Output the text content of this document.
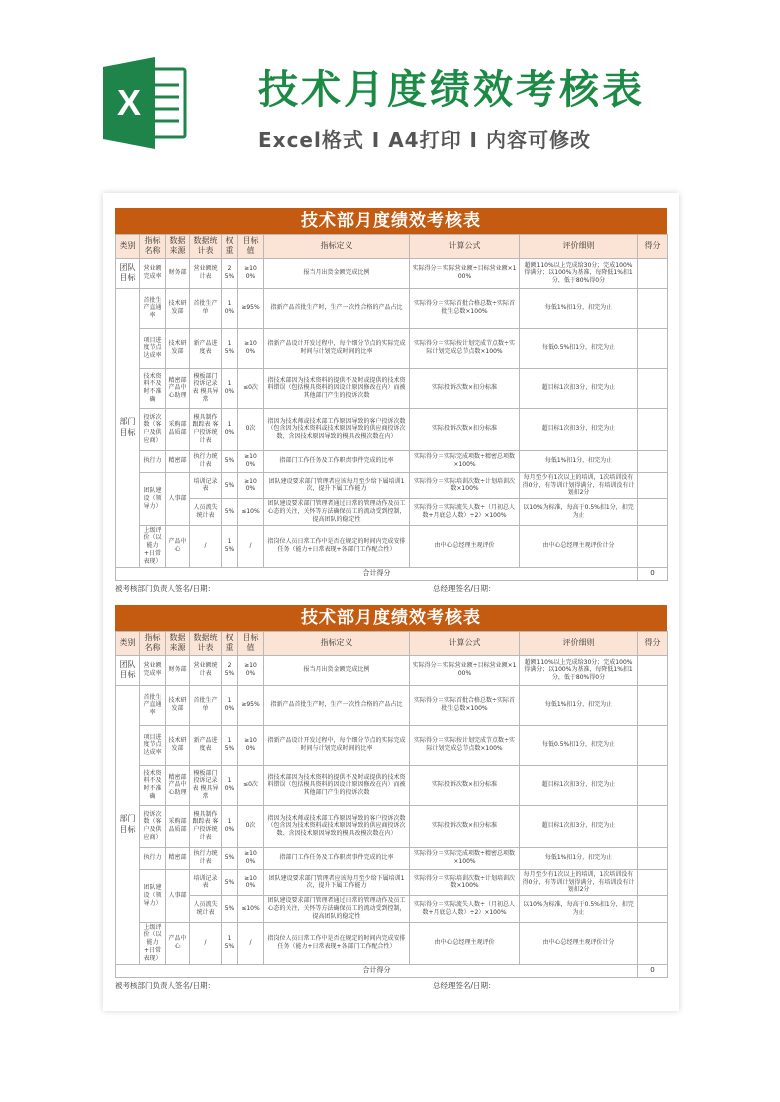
X	技术月度绩效考核表
Excel格式 I A4打印 I 内容可修改
技术部月度绩效考核表
类别	指标名称	数据来源	数据统计表	权重	目标值	指标定义	计算公式	评价细则	得分
团队目标	营业额完成率	财务部	营业额统计表	25%	≥100%	报当月出货金额完成比例	实际得分＝实际营业额÷目标营业额×100%	超额110%以上完成给30分；完成100%得满分；以100%为基准，每降低1%扣1分，低于80%得0分	
部门目标	首批生产直通率	技术研发部	首批生产单	10%	≥95%	指新产品首批生产时，生产一次性合格的产品占比	实际得分＝实际首批合格总数÷实际首批生总数×100%	每低1%扣1分，扣完为止	
	项目进度节点达成率	技术研发部	新产品进度表	15%	≥100%	指新产品设计开发过程中，每个细分节点的实际完成时间与计划完成时间的比率	实际得分＝实际按计划完成节点数÷实际计划完成总节点数×100%	每低0.5%扣1分，扣完为止	
	技术资料不及时不准确	精密部产品中心助理	模板部门投诉记录表 模具异常	10%	≤0次	指技术部因为技术资料的提供不及时或提供的技术资料错误（包括模具资料的因设计原因修改在内）而被其他部门产生的投诉次数	实际投诉次数×扣分标准	超目标1次扣3分，扣完为止	
	投诉次数（客户及供应商）	采购部品质部	模具制作跟踪表 客户投诉统计表	10%	0次	指因为技术师或技术部工作原因导致的客户投诉次数（包含因为技术资料或技术原因导致的供应商投诉次数、含因技术原因导致的模具改模次数在内）	实际投诉次数×扣分标准	超目标1次扣3分，扣完为止	
	执行力	精密部	执行力统计表	5%	≥100%	指部门工作任务及工作职责事件完成的比率	实际得分＝实际完成项数÷精密总项数×100%	每低1%扣1分，扣完为止	
	团队建设（领导力）	人事部	培训记录表	5%	≥100%	团队建设要求部门管理者应该每月至少给下属培训1次，提升下属工作能力	实际得分＝实际培训次数÷计划培训次数×100%	每月至少有1次以上的培训，1次培训没有得0分，有等训计划得满分，有培训没有计划扣2分	
			人员流失统计表	5%	≤10%	团队建设要求部门管理者通过日常的管理动作及员工心态的关注，关怀等方法确保员工的流动受到控制，提高团队的稳定性	实际得分＝实际流失人数÷（月初总人数+月底总人数）÷2）×100%	以10%为标准，每高于0.5%扣1分，扣完为止	
	上级评价（以能力+日常表现）	产品中心	/	15%	/	指岗位人员日常工作中是否在规定的时间内完成安排任务（能力+日常表现+各部门工作配合性）	由中心总经理主观评价	由中心总经理主观评价计分	
合计得分									0
被考核部门负责人签名/日期：	总经理签名/日期：
技术部月度绩效考核表
类别	指标名称	数据来源	数据统计表	权重	目标值	指标定义	计算公式	评价细则	得分
团队目标	营业额完成率	财务部	营业额统计表	25%	≥100%	报当月出货金额完成比例	实际得分＝实际营业额÷目标营业额×100%	超额110%以上完成给30分；完成100%得满分；以100%为基准，每降低1%扣1分，低于80%得0分	
部门目标	首批生产直通率	技术研发部	首批生产单	10%	≥95%	指新产品首批生产时，生产一次性合格的产品占比	实际得分＝实际首批合格总数÷实际首批生总数×100%	每低1%扣1分，扣完为止	
	项目进度节点达成率	技术研发部	新产品进度表	15%	≥100%	指新产品设计开发过程中，每个细分节点的实际完成时间与计划完成时间的比率	实际得分＝实际按计划完成节点数÷实际计划完成总节点数×100%	每低0.5%扣1分，扣完为止	
	技术资料不及时不准确	精密部产品中心助理	模板部门投诉记录表 模具异常	10%	≤0次	指技术部因为技术资料的提供不及时或提供的技术资料错误（包括模具资料的因设计原因修改在内）而被其他部门产生的投诉次数	实际投诉次数×扣分标准	超目标1次扣3分，扣完为止	
	投诉次数（客户及供应商）	采购部品质部	模具制作跟踪表 客户投诉统计表	10%	0次	指因为技术师或技术部工作原因导致的客户投诉次数（包含因为技术资料或技术原因导致的供应商投诉次数、含因技术原因导致的模具改模次数在内）	实际投诉次数×扣分标准	超目标1次扣3分，扣完为止	
	执行力	精密部	执行力统计表	5%	≥100%	指部门工作任务及工作职责事件完成的比率	实际得分＝实际完成项数÷精密总项数×100%	每低1%扣1分，扣完为止	
	团队建设（领导力）	人事部	培训记录表	5%	≥100%	团队建设要求部门管理者应该每月至少给下属培训1次，提升下属工作能力	实际得分＝实际培训次数÷计划培训次数×100%	每月至少有1次以上的培训，1次培训没有得0分，有等训计划得满分，有培训没有计划扣2分	
			人员流失统计表	5%	≤10%	团队建设要求部门管理者通过日常的管理动作及员工心态的关注，关怀等方法确保员工的流动受到控制，提高团队的稳定性	实际得分＝实际流失人数÷（月初总人数+月底总人数）÷2）×100%	以10%为标准，每高于0.5%扣1分，扣完为止	
	上级评价（以能力+日常表现）	产品中心	/	15%	/	指岗位人员日常工作中是否在规定的时间内完成安排任务（能力+日常表现+各部门工作配合性）	由中心总经理主观评价	由中心总经理主观评价计分	
合计得分									0
被考核部门负责人签名/日期：	总经理签名/日期：
